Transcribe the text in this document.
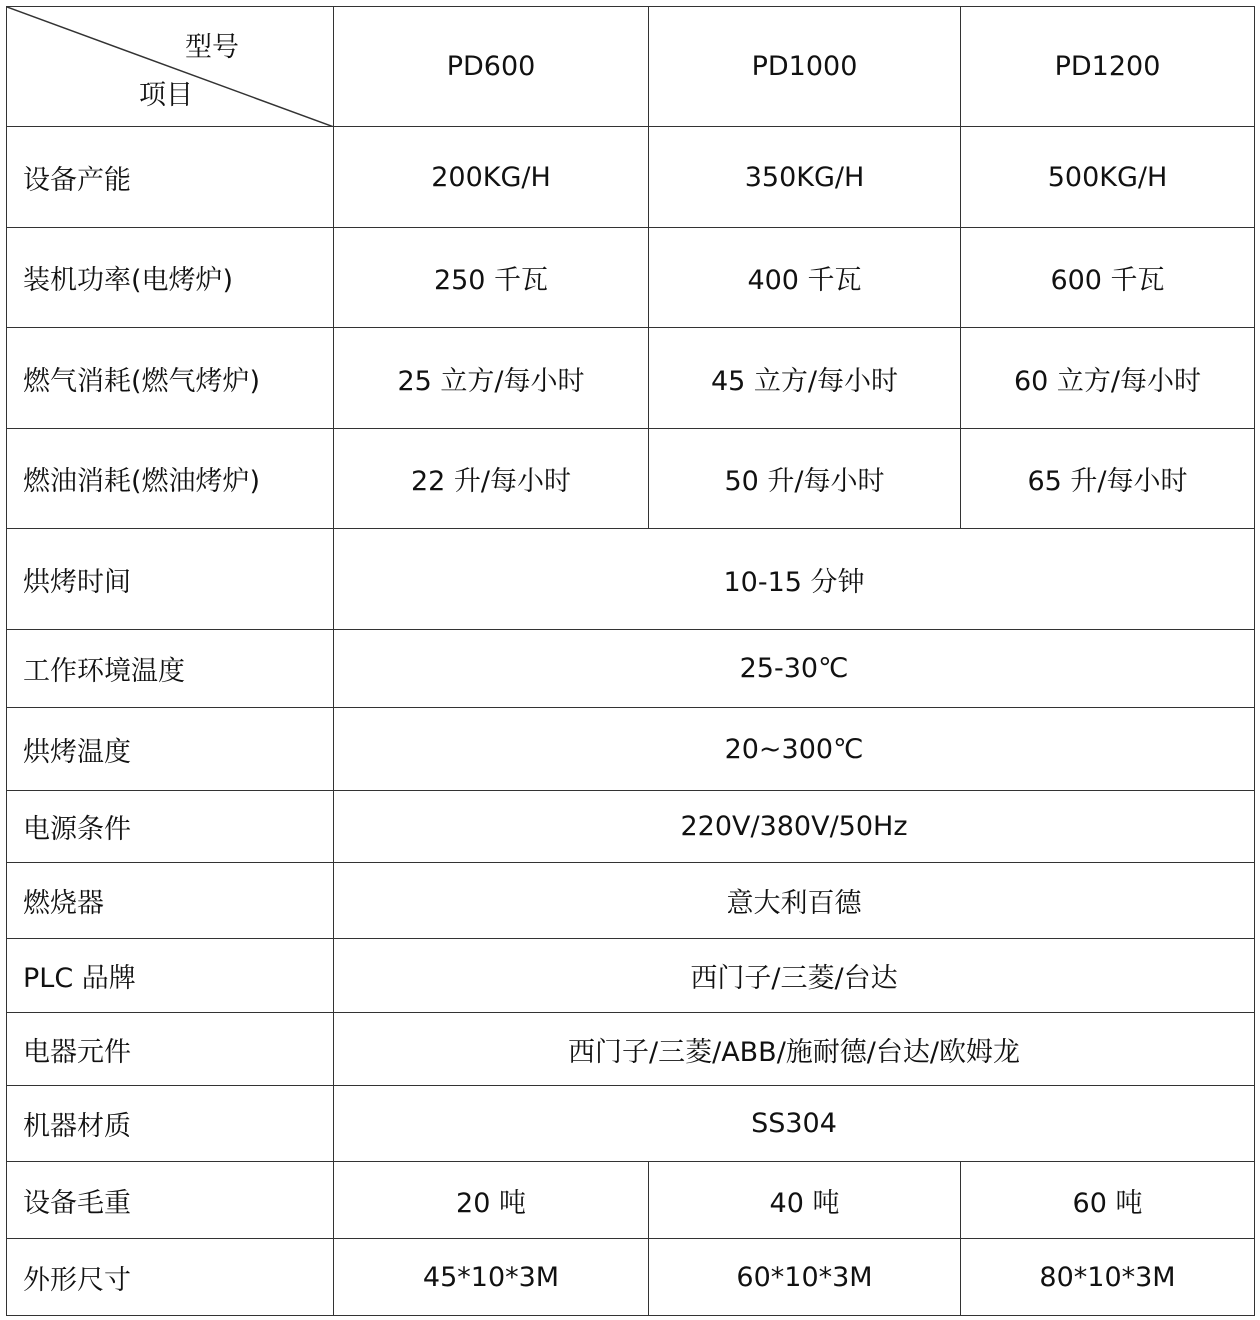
型号
项目	PD600	PD1000	PD1200
设备产能	200KG/H	350KG/H	500KG/H
装机功率(电烤炉)	250 千瓦	400 千瓦	600 千瓦
燃气消耗(燃气烤炉)	25 立方/每小时	45 立方/每小时	60 立方/每小时
燃油消耗(燃油烤炉)	22 升/每小时	50 升/每小时	65 升/每小时
烘烤时间	10-15 分钟		
工作环境温度	25-30℃		
烘烤温度	20~300℃		
电源条件	220V/380V/50Hz		
燃烧器	意大利百德		
PLC 品牌	西门子/三菱/台达		
电器元件	西门子/三菱/ABB/施耐德/台达/欧姆龙		
机器材质	SS304		
设备毛重	20 吨	40 吨	60 吨
外形尺寸	45*10*3M	60*10*3M	80*10*3M
